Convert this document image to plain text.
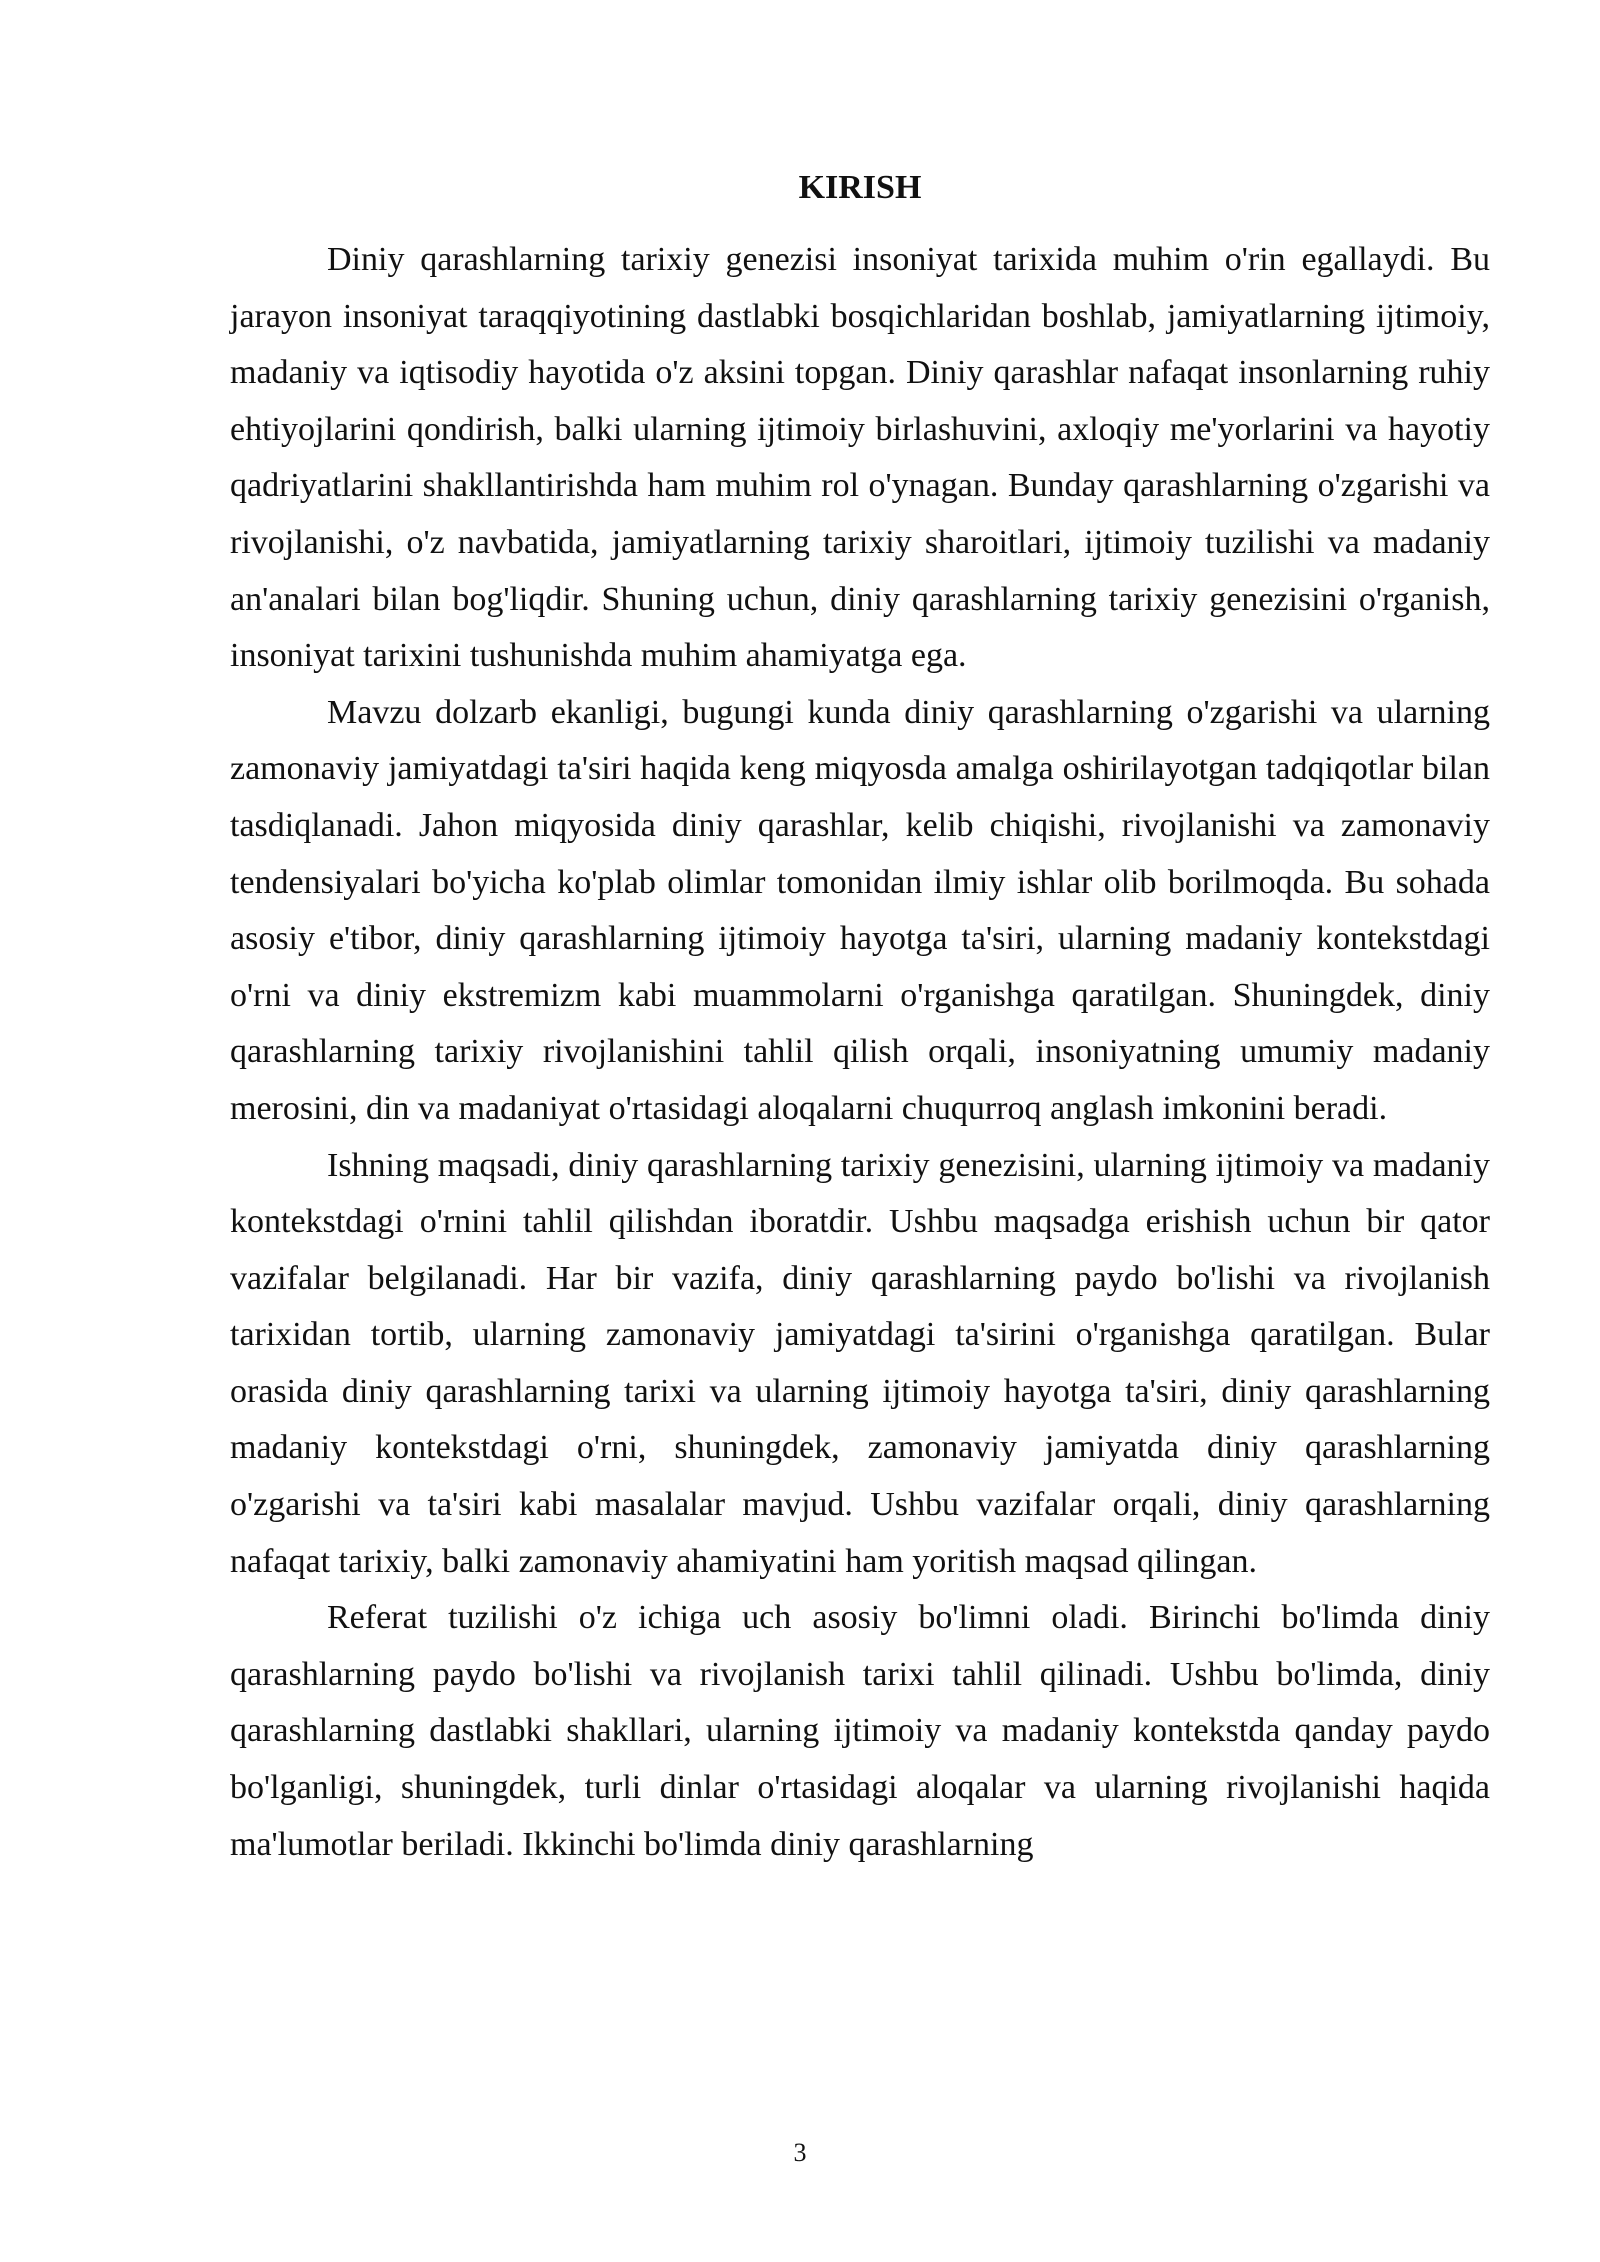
KIRISH

Diniy qarashlarning tarixiy genezisi insoniyat tarixida muhim o'rin egallaydi. Bu jarayon insoniyat taraqqiyotining dastlabki bosqichlaridan boshlab, jamiyatlarning ijtimoiy, madaniy va iqtisodiy hayotida o'z aksini topgan. Diniy qarashlar nafaqat insonlarning ruhiy ehtiyojlarini qondirish, balki ularning ijtimoiy birlashuvini, axloqiy me'yorlarini va hayotiy qadriyatlarini shakllantirishda ham muhim rol o'ynagan. Bunday qarashlarning o'zgarishi va rivojlanishi, o'z navbatida, jamiyatlarning tarixiy sharoitlari, ijtimoiy tuzilishi va madaniy an'analari bilan bog'liqdir. Shuning uchun, diniy qarashlarning tarixiy genezisini o'rganish, insoniyat tarixini tushunishda muhim ahamiyatga ega.

Mavzu dolzarb ekanligi, bugungi kunda diniy qarashlarning o'zgarishi va ularning zamonaviy jamiyatdagi ta'siri haqida keng miqyosda amalga oshirilayotgan tadqiqotlar bilan tasdiqlanadi. Jahon miqyosida diniy qarashlar, kelib chiqishi, rivojlanishi va zamonaviy tendensiyalari bo'yicha ko'plab olimlar tomonidan ilmiy ishlar olib borilmoqda. Bu sohada asosiy e'tibor, diniy qarashlarning ijtimoiy hayotga ta'siri, ularning madaniy kontekstdagi o'rni va diniy ekstremizm kabi muammolarni o'rganishga qaratilgan. Shuningdek, diniy qarashlarning tarixiy rivojlanishini tahlil qilish orqali, insoniyatning umumiy madaniy merosini, din va madaniyat o'rtasidagi aloqalarni chuqurroq anglash imkonini beradi.

Ishning maqsadi, diniy qarashlarning tarixiy genezisini, ularning ijtimoiy va madaniy kontekstdagi o'rnini tahlil qilishdan iboratdir. Ushbu maqsadga erishish uchun bir qator vazifalar belgilanadi. Har bir vazifa, diniy qarashlarning paydo bo'lishi va rivojlanish tarixidan tortib, ularning zamonaviy jamiyatdagi ta'sirini o'rganishga qaratilgan. Bular orasida diniy qarashlarning tarixi va ularning ijtimoiy hayotga ta'siri, diniy qarashlarning madaniy kontekstdagi o'rni, shuningdek, zamonaviy jamiyatda diniy qarashlarning o'zgarishi va ta'siri kabi masalalar mavjud. Ushbu vazifalar orqali, diniy qarashlarning nafaqat tarixiy, balki zamonaviy ahamiyatini ham yoritish maqsad qilingan.

Referat tuzilishi o'z ichiga uch asosiy bo'limni oladi. Birinchi bo'limda diniy qarashlarning paydo bo'lishi va rivojlanish tarixi tahlil qilinadi. Ushbu bo'limda, diniy qarashlarning dastlabki shakllari, ularning ijtimoiy va madaniy kontekstda qanday paydo bo'lganligi, shuningdek, turli dinlar o'rtasidagi aloqalar va ularning rivojlanishi haqida ma'lumotlar beriladi. Ikkinchi bo'limda diniy qarashlarning

3
